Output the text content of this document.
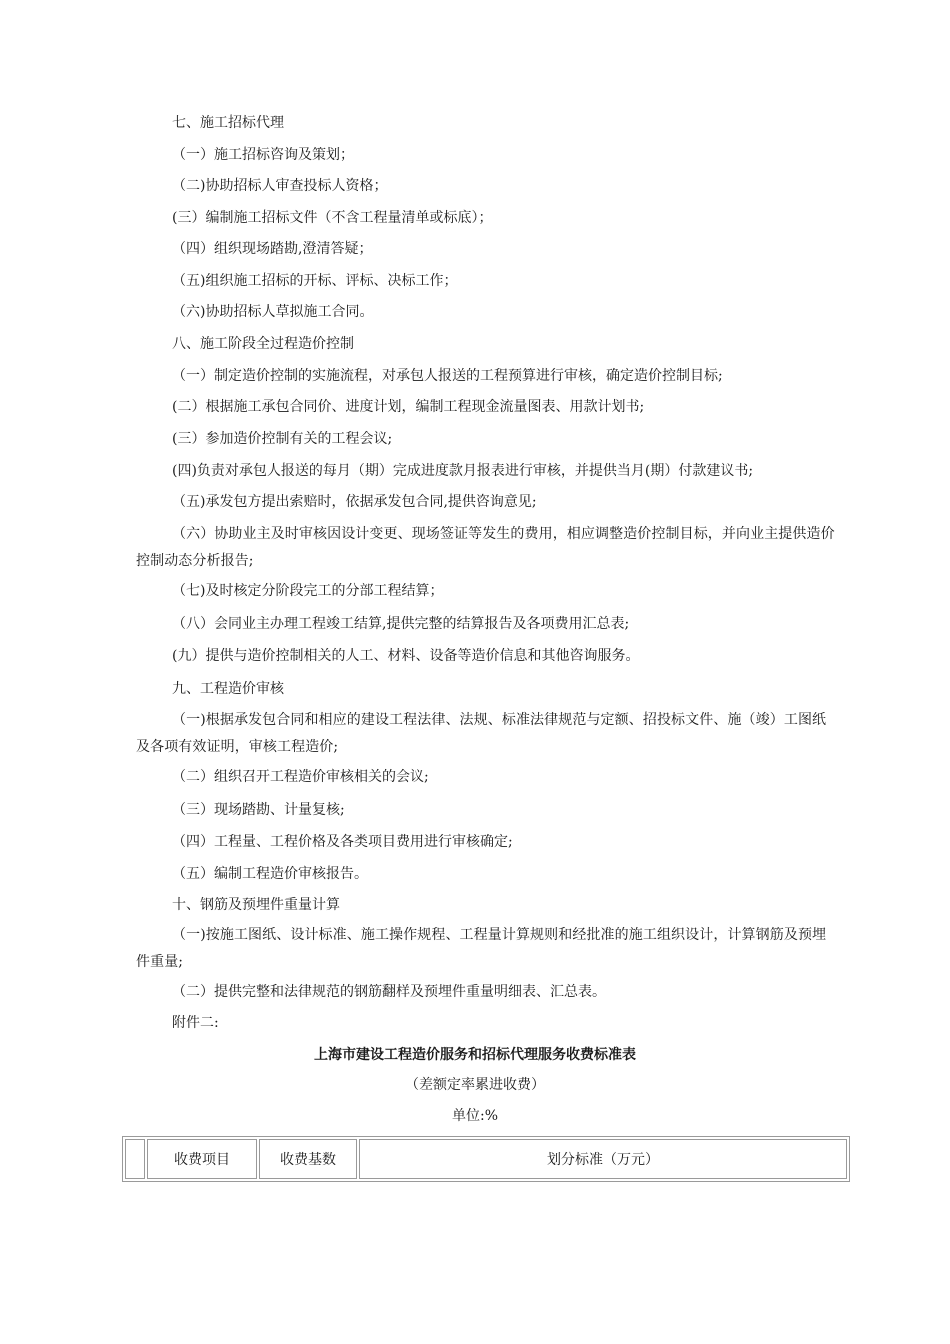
七、施工招标代理
（一）施工招标咨询及策划；
（二)协助招标人审查投标人资格；
(三）编制施工招标文件（不含工程量清单或标底）；
（四）组织现场踏勘,澄清答疑；
（五)组织施工招标的开标、评标、决标工作；
（六)协助招标人草拟施工合同。
八、施工阶段全过程造价控制
（一）制定造价控制的实施流程，对承包人报送的工程预算进行审核，确定造价控制目标;
(二）根据施工承包合同价、进度计划，编制工程现金流量图表、用款计划书;
(三）参加造价控制有关的工程会议;
(四)负责对承包人报送的每月（期）完成进度款月报表进行审核，并提供当月(期）付款建议书;
（五)承发包方提出索赔时，依据承发包合同,提供咨询意见;
（六）协助业主及时审核因设计变更、现场签证等发生的费用，相应调整造价控制目标，并向业主提供造价控制动态分析报告;
（七)及时核定分阶段完工的分部工程结算；
（八）会同业主办理工程竣工结算,提供完整的结算报告及各项费用汇总表;
(九）提供与造价控制相关的人工、材料、设备等造价信息和其他咨询服务。
九、工程造价审核
（一)根据承发包合同和相应的建设工程法律、法规、标准法律规范与定额、招投标文件、施（竣）工图纸及各项有效证明，审核工程造价;
（二）组织召开工程造价审核相关的会议;
（三）现场踏勘、计量复核;
（四）工程量、工程价格及各类项目费用进行审核确定;
（五）编制工程造价审核报告。
十、钢筋及预埋件重量计算
（一)按施工图纸、设计标准、施工操作规程、工程量计算规则和经批准的施工组织设计，计算钢筋及预埋件重量;
（二）提供完整和法律规范的钢筋翻样及预埋件重量明细表、汇总表。
附件二:
上海市建设工程造价服务和招标代理服务收费标准表
（差额定率累进收费）
单位:%
	收费项目	收费基数	划分标准（万元）
